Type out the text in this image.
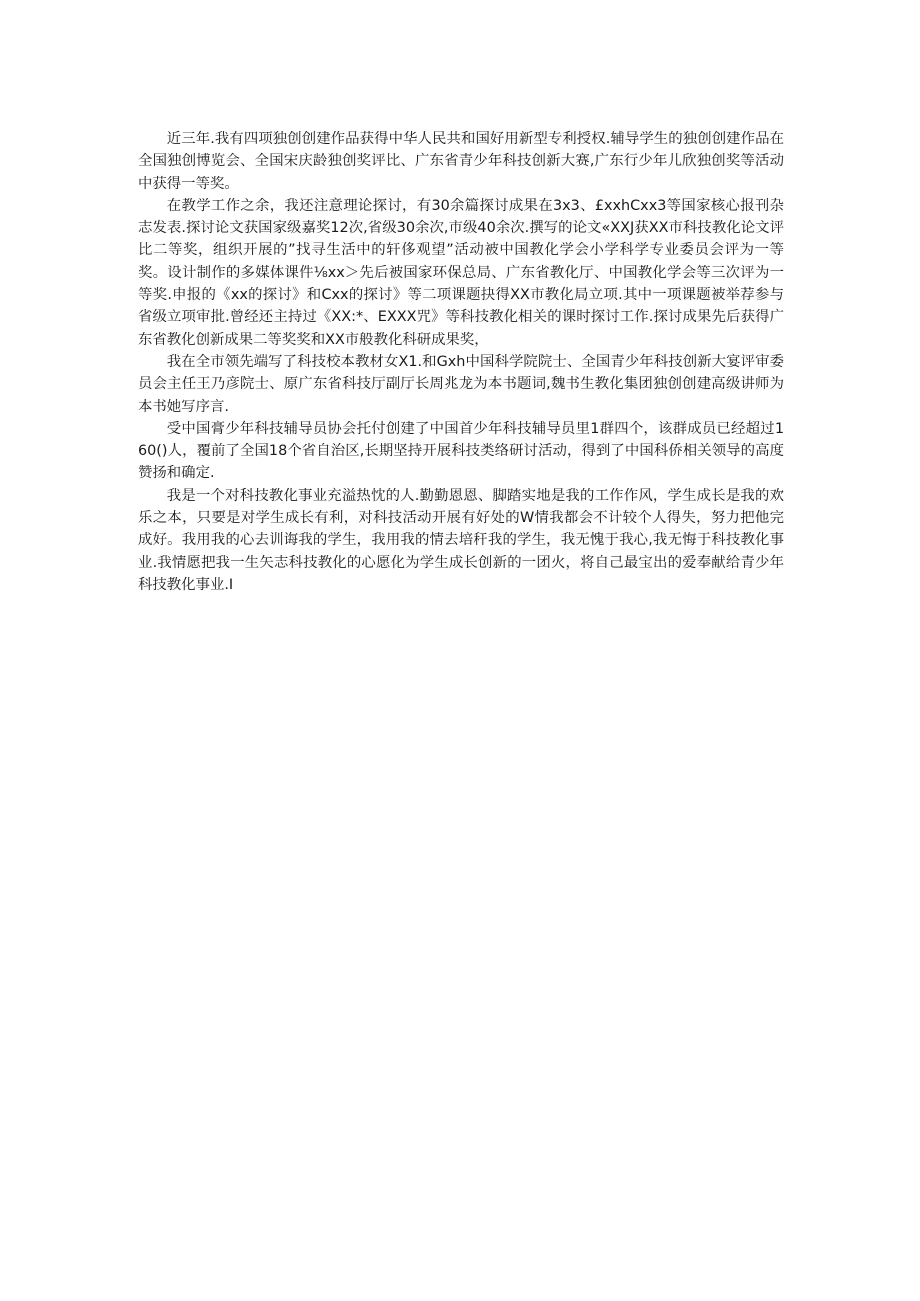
近三年.我有四项独创创建作品获得中华人民共和国好用新型专利授权.辅导学生的独创创建作品在全国独创博览会、全国宋庆龄独创奖评比、广东省青少年科技创新大赛,广东行少年儿欣独创奖等活动中获得一等奖。

在教学工作之余，我还注意理论探讨，有30余篇探讨成果在3x3、£xxhCxx3等国家核心报刊杂志发表.探讨论文获国家级嘉奖12次,省级30余次,市级40余次.撰写的论文«XXJ获XX市科技教化论文评比二等奖，组织开展的”找寻生活中的轩侈观望”活动被中国教化学会小学科学专业委员会评为一等奖。设计制作的多媒体课件⅛xx＞先后被国家环保总局、广东省教化厅、中国教化学会等三次评为一等奖.申报的《xx的探讨》和Cxx的探讨》等二项课题抉得XX市教化局立项.其中一项课题被举荐参与省级立项审批.曾经还主持过《XX:*、EXXX咒》等科技教化相关的课时探讨工作.探讨成果先后获得广东省教化创新成果二等奖奖和XX市般教化科研成果奖，

我在全市领先端写了科技校本教材女X1.和Gxh中国科学院院士、全国青少年科技创新大宴评审委员会主任王乃彦院士、原广东省科技厅副厅长周兆龙为本书题词,魏书生教化集团独创创建高级讲师为本书她写序言.

受中国膏少年科技辅导员协会托付创建了中国首少年科技辅导员里1群四个，该群成员已经超过160()人，覆前了全国18个省自治区,长期坚持开展科技类络研讨活动，得到了中国科侨相关领导的高度赞扬和确定.

我是一个对科技教化事业充溢热忱的人.勤勤恩恩、脚踏实地是我的工作作风，学生成长是我的欢乐之本，只要是对学生成长有利，对科技活动开展有好处的W情我都会不计较个人得失，努力把他完成好。我用我的心去训诲我的学生，我用我的情去培秆我的学生，我无愧于我心,我无悔于科技教化事业.我情愿把我一生矢志科技教化的心愿化为学生成长创新的一团火，将自己最宝出的爱奉献给青少年科技教化事业.I
